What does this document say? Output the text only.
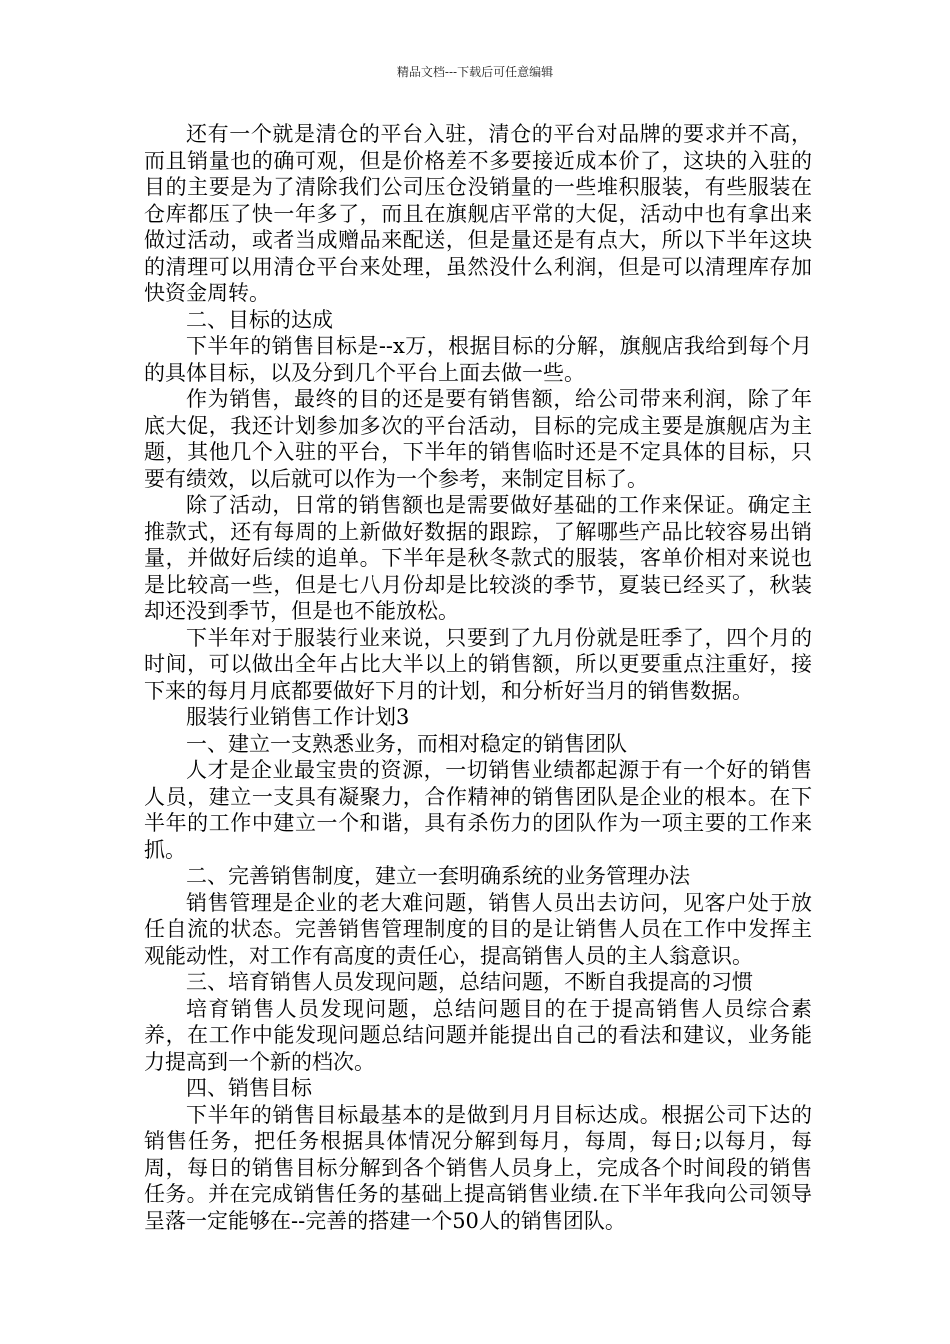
精品文档---下载后可任意编辑

还有一个就是清仓的平台入驻，清仓的平台对品牌的要求并不高，而且销量也的确可观，但是价格差不多要接近成本价了，这块的入驻的目的主要是为了清除我们公司压仓没销量的一些堆积服装，有些服装在仓库都压了快一年多了，而且在旗舰店平常的大促，活动中也有拿出来做过活动，或者当成赠品来配送，但是量还是有点大，所以下半年这块的清理可以用清仓平台来处理，虽然没什么利润，但是可以清理库存加快资金周转。

二、目标的达成

下半年的销售目标是--x万，根据目标的分解，旗舰店我给到每个月的具体目标，以及分到几个平台上面去做一些。

作为销售，最终的目的还是要有销售额，给公司带来利润，除了年底大促，我还计划参加多次的平台活动，目标的完成主要是旗舰店为主题，其他几个入驻的平台，下半年的销售临时还是不定具体的目标，只要有绩效，以后就可以作为一个参考，来制定目标了。

除了活动，日常的销售额也是需要做好基础的工作来保证。确定主推款式，还有每周的上新做好数据的跟踪，了解哪些产品比较容易出销量，并做好后续的追单。下半年是秋冬款式的服装，客单价相对来说也是比较高一些，但是七八月份却是比较淡的季节，夏装已经买了，秋装却还没到季节，但是也不能放松。

下半年对于服装行业来说，只要到了九月份就是旺季了，四个月的时间，可以做出全年占比大半以上的销售额，所以更要重点注重好，接下来的每月月底都要做好下月的计划，和分析好当月的销售数据。

服装行业销售工作计划3

一、建立一支熟悉业务，而相对稳定的销售团队

人才是企业最宝贵的资源，一切销售业绩都起源于有一个好的销售人员，建立一支具有凝聚力，合作精神的销售团队是企业的根本。在下半年的工作中建立一个和谐，具有杀伤力的团队作为一项主要的工作来抓。

二、完善销售制度，建立一套明确系统的业务管理办法

销售管理是企业的老大难问题，销售人员出去访问，见客户处于放任自流的状态。完善销售管理制度的目的是让销售人员在工作中发挥主观能动性，对工作有高度的责任心，提高销售人员的主人翁意识。

三、培育销售人员发现问题，总结问题，不断自我提高的习惯

培育销售人员发现问题，总结问题目的在于提高销售人员综合素养，在工作中能发现问题总结问题并能提出自己的看法和建议，业务能力提高到一个新的档次。

四、销售目标

下半年的销售目标最基本的是做到月月目标达成。根据公司下达的销售任务，把任务根据具体情况分解到每月，每周，每日;以每月，每周，每日的销售目标分解到各个销售人员身上，完成各个时间段的销售任务。并在完成销售任务的基础上提高销售业绩.在下半年我向公司领导呈落一定能够在--完善的搭建一个50人的销售团队。
